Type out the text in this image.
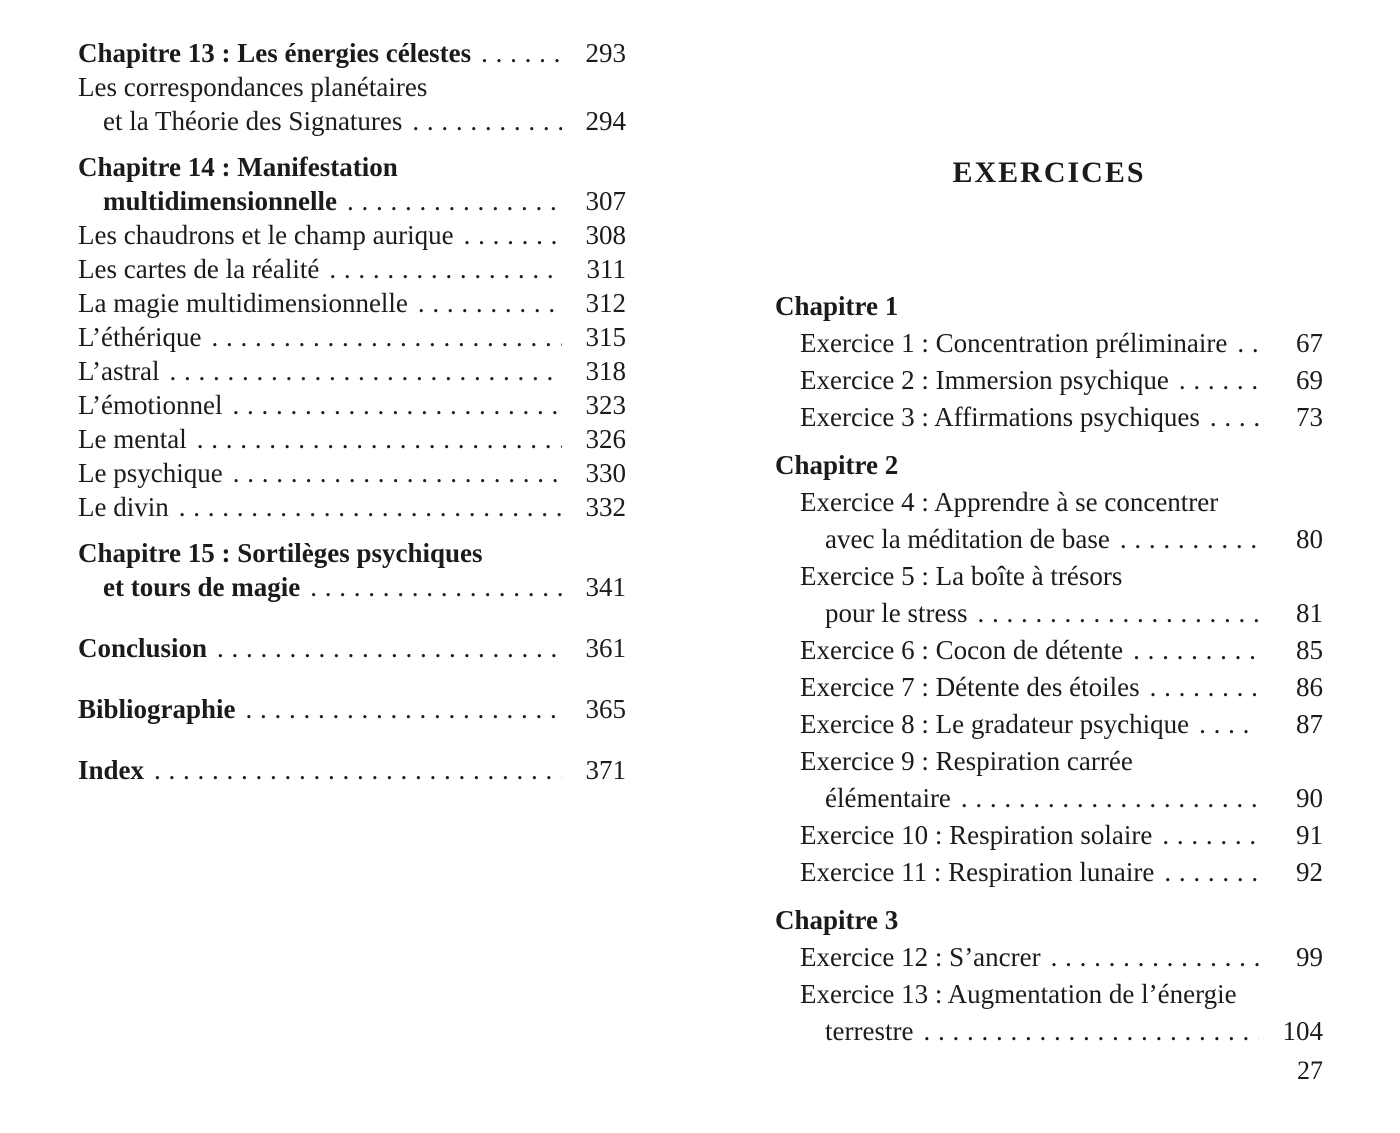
Chapitre 13 : Les énergies célestes . . .	293
Les correspondances planétaires
et la Théorie des Signatures . . .	294
Chapitre 14 : Manifestation
multidimensionnelle . . .	307
Les chaudrons et le champ aurique . . .	308
Les cartes de la réalité . . .	311
La magie multidimensionnelle . . .	312
L’éthérique . . .	315
L’astral . . .	318
L’émotionnel . . .	323
Le mental . . .	326
Le psychique . . .	330
Le divin . . .	332
Chapitre 15 : Sortilèges psychiques
et tours de magie . . .	341
Conclusion . . .	361
Bibliographie . . .	365
Index . . .	371
EXERCICES
Chapitre 1
Exercice 1 : Concentration préliminaire . . .	67
Exercice 2 : Immersion psychique . . .	69
Exercice 3 : Affirmations psychiques . . .	73
Chapitre 2
Exercice 4 : Apprendre à se concentrer
avec la méditation de base . . .	80
Exercice 5 : La boîte à trésors
pour le stress . . .	81
Exercice 6 : Cocon de détente . . .	85
Exercice 7 : Détente des étoiles . . .	86
Exercice 8 : Le gradateur psychique . . .	87
Exercice 9 : Respiration carrée
élémentaire . . .	90
Exercice 10 : Respiration solaire . . .	91
Exercice 11 : Respiration lunaire . . .	92
Chapitre 3
Exercice 12 : S’ancrer . . .	99
Exercice 13 : Augmentation de l’énergie
terrestre . . .	104
27
